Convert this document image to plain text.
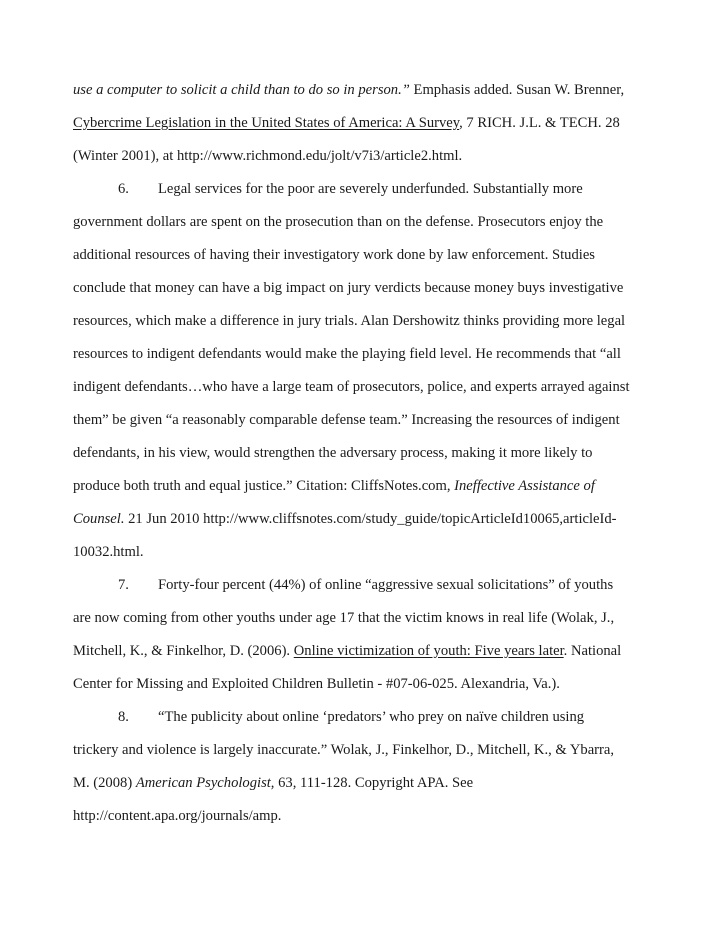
use a computer to solicit a child than to do so in person.” Emphasis added. Susan W. Brenner, Cybercrime Legislation in the United States of America: A Survey, 7 RICH. J.L. & TECH. 28 (Winter 2001), at http://www.richmond.edu/jolt/v7i3/article2.html.

6. Legal services for the poor are severely underfunded. Substantially more government dollars are spent on the prosecution than on the defense. Prosecutors enjoy the additional resources of having their investigatory work done by law enforcement. Studies conclude that money can have a big impact on jury verdicts because money buys investigative resources, which make a difference in jury trials. Alan Dershowitz thinks providing more legal resources to indigent defendants would make the playing field level. He recommends that “all indigent defendants…who have a large team of prosecutors, police, and experts arrayed against them” be given “a reasonably comparable defense team.” Increasing the resources of indigent defendants, in his view, would strengthen the adversary process, making it more likely to produce both truth and equal justice.” Citation: CliffsNotes.com, Ineffective Assistance of Counsel. 21 Jun 2010 http://www.cliffsnotes.com/study_guide/topicArticleId10065,articleId-10032.html.

7. Forty-four percent (44%) of online “aggressive sexual solicitations” of youths are now coming from other youths under age 17 that the victim knows in real life (Wolak, J., Mitchell, K., & Finkelhor, D. (2006). Online victimization of youth: Five years later. National Center for Missing and Exploited Children Bulletin - #07-06-025. Alexandria, Va.).

8. “The publicity about online ‘predators’ who prey on naïve children using trickery and violence is largely inaccurate.” Wolak, J., Finkelhor, D., Mitchell, K., & Ybarra, M. (2008) American Psychologist, 63, 111-128. Copyright APA. See http://content.apa.org/journals/amp.
